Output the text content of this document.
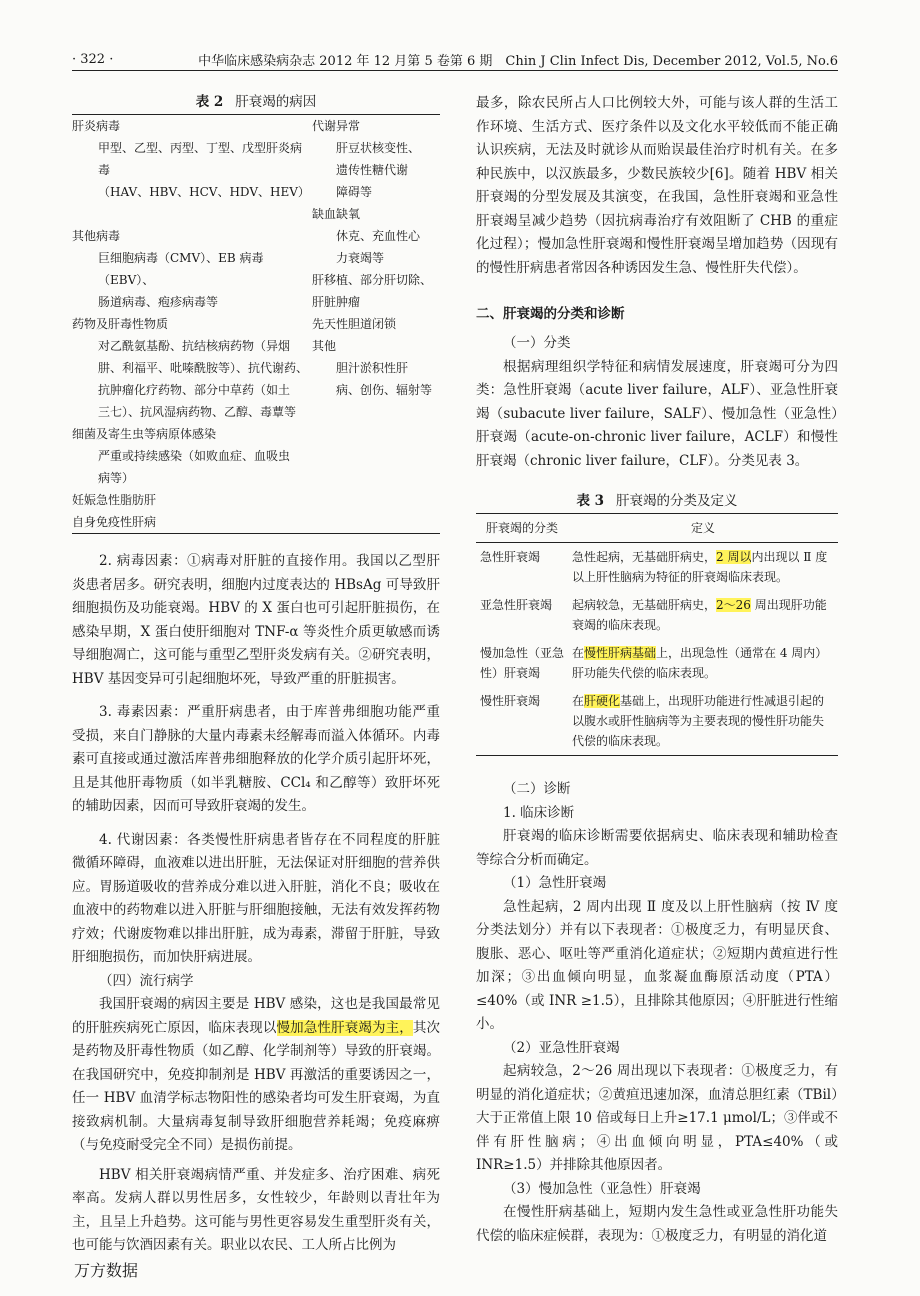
· 322 ·	中华临床感染病杂志 2012 年 12 月第 5 卷第 6 期　Chin J Clin Infect Dis, December 2012, Vol.5, No.6
表 2 肝衰竭的病因
肝炎病毒
甲型、乙型、丙型、丁型、戊型肝炎病毒
（HAV、HBV、HCV、HDV、HEV）

其他病毒
巨细胞病毒（CMV）、EB 病毒（EBV）、
肠道病毒、疱疹病毒等
药物及肝毒性物质
对乙酰氨基酚、抗结核病药物（异烟
肼、利福平、吡嗪酰胺等）、抗代谢药、
抗肿瘤化疗药物、部分中草药（如土
三七）、抗风湿病药物、乙醇、毒蕈等
细菌及寄生虫等病原体感染
严重或持续感染（如败血症、血吸虫
病等）
妊娠急性脂肪肝
自身免疫性肝病
代谢异常
肝豆状核变性、
遗传性糖代谢
障碍等
缺血缺氧
休克、充血性心
力衰竭等
肝移植、部分肝切除、
肝脏肿瘤
先天性胆道闭锁
其他
胆汁淤积性肝
病、创伤、辐射等

2. 病毒因素：①病毒对肝脏的直接作用。我国以乙型肝炎患者居多。研究表明，细胞内过度表达的 HBsAg 可导致肝细胞损伤及功能衰竭。HBV 的 X 蛋白也可引起肝脏损伤，在感染早期，X 蛋白使肝细胞对 TNF-α 等炎性介质更敏感而诱导细胞凋亡，这可能与重型乙型肝炎发病有关。②研究表明，HBV 基因变异可引起细胞坏死，导致严重的肝脏损害。

3. 毒素因素：严重肝病患者，由于库普弗细胞功能严重受损，来自门静脉的大量内毒素未经解毒而溢入体循环。内毒素可直接或通过激活库普弗细胞释放的化学介质引起肝坏死，且是其他肝毒物质（如半乳糖胺、CCl₄ 和乙醇等）致肝坏死的辅助因素，因而可导致肝衰竭的发生。

4. 代谢因素：各类慢性肝病患者皆存在不同程度的肝脏微循环障碍，血液难以进出肝脏，无法保证对肝细胞的营养供应。胃肠道吸收的营养成分难以进入肝脏，消化不良；吸收在血液中的药物难以进入肝脏与肝细胞接触，无法有效发挥药物疗效；代谢废物难以排出肝脏，成为毒素，滞留于肝脏，导致肝细胞损伤，而加快肝病进展。

（四）流行病学

我国肝衰竭的病因主要是 HBV 感染，这也是我国最常见的肝脏疾病死亡原因，临床表现以慢加急性肝衰竭为主，其次是药物及肝毒性物质（如乙醇、化学制剂等）导致的肝衰竭。在我国研究中，免疫抑制剂是 HBV 再激活的重要诱因之一，任一 HBV 血清学标志物阳性的感染者均可发生肝衰竭，为直接致病机制。大量病毒复制导致肝细胞营养耗竭；免疫麻痹（与免疫耐受完全不同）是损伤前提。

HBV 相关肝衰竭病情严重、并发症多、治疗困难、病死率高。发病人群以男性居多，女性较少，年龄则以青壮年为主，且呈上升趋势。这可能与男性更容易发生重型肝炎有关，也可能与饮酒因素有关。职业以农民、工人所占比例为

最多，除农民所占人口比例较大外，可能与该人群的生活工作环境、生活方式、医疗条件以及文化水平较低而不能正确认识疾病，无法及时就诊从而贻误最佳治疗时机有关。在多种民族中，以汉族最多，少数民族较少[6]。随着 HBV 相关肝衰竭的分型发展及其演变，在我国，急性肝衰竭和亚急性肝衰竭呈减少趋势（因抗病毒治疗有效阻断了 CHB 的重症化过程）；慢加急性肝衰竭和慢性肝衰竭呈增加趋势（因现有的慢性肝病患者常因各种诱因发生急、慢性肝失代偿）。

二、肝衰竭的分类和诊断

（一）分类

根据病理组织学特征和病情发展速度，肝衰竭可分为四类：急性肝衰竭（acute liver failure，ALF）、亚急性肝衰竭（subacute liver failure，SALF）、慢加急性（亚急性）肝衰竭（acute-on-chronic liver failure，ACLF）和慢性肝衰竭（chronic liver failure，CLF）。分类见表 3。

表 3 肝衰竭的分类及定义
肝衰竭的分类	定义
急性肝衰竭	急性起病，无基础肝病史，2 周以内出现以 Ⅱ 度以上肝性脑病为特征的肝衰竭临床表现。
亚急性肝衰竭	起病较急，无基础肝病史，2～26 周出现肝功能衰竭的临床表现。
慢加急性（亚急性）肝衰竭	在慢性肝病基础上，出现急性（通常在 4 周内）肝功能失代偿的临床表现。
慢性肝衰竭	在肝硬化基础上，出现肝功能进行性减退引起的以腹水或肝性脑病等为主要表现的慢性肝功能失代偿的临床表现。

（二）诊断

1. 临床诊断

肝衰竭的临床诊断需要依据病史、临床表现和辅助检查等综合分析而确定。

（1）急性肝衰竭

急性起病，2 周内出现 Ⅱ 度及以上肝性脑病（按 Ⅳ 度分类法划分）并有以下表现者：①极度乏力，有明显厌食、腹胀、恶心、呕吐等严重消化道症状；②短期内黄疸进行性加深；③出血倾向明显，血浆凝血酶原活动度（PTA）≤40%（或 INR ≥1.5），且排除其他原因；④肝脏进行性缩小。

（2）亚急性肝衰竭

起病较急，2～26 周出现以下表现者：①极度乏力，有明显的消化道症状；②黄疸迅速加深，血清总胆红素（TBil）大于正常值上限 10 倍或每日上升≥17.1 μmol/L；③伴或不伴有肝性脑病；④出血倾向明显，PTA≤40%（或 INR≥1.5）并排除其他原因者。

（3）慢加急性（亚急性）肝衰竭

在慢性肝病基础上，短期内发生急性或亚急性肝功能失代偿的临床症候群，表现为：①极度乏力，有明显的消化道

万方数据
